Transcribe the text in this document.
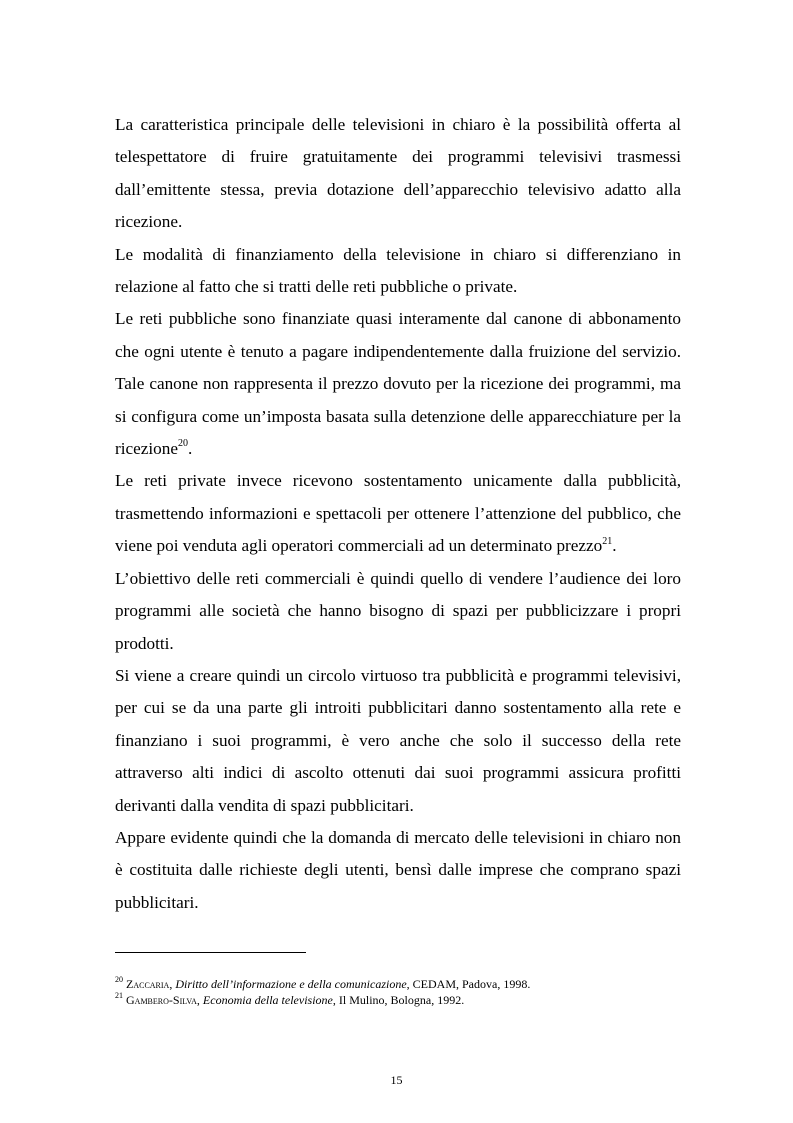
La caratteristica principale delle televisioni in chiaro è la possibilità offerta al telespettatore di fruire gratuitamente dei programmi televisivi trasmessi dall’emittente stessa, previa dotazione dell’apparecchio televisivo adatto alla ricezione.

Le modalità di finanziamento della televisione in chiaro si differenziano in relazione al fatto che si tratti delle reti pubbliche o private.

Le reti pubbliche sono finanziate quasi interamente dal canone di abbonamento che ogni utente è tenuto a pagare indipendentemente dalla fruizione del servizio. Tale canone non rappresenta il prezzo dovuto per la ricezione dei programmi, ma si configura come un’imposta basata sulla detenzione delle apparecchiature per la ricezione$^{20}$.

Le reti private invece ricevono sostentamento unicamente dalla pubblicità, trasmettendo informazioni e spettacoli per ottenere l’attenzione del pubblico, che viene poi venduta agli operatori commerciali ad un determinato prezzo$^{21}$.

L’obiettivo delle reti commerciali è quindi quello di vendere l’audience dei loro programmi alle società che hanno bisogno di spazi per pubblicizzare i propri prodotti.

Si viene a creare quindi un circolo virtuoso tra pubblicità e programmi televisivi, per cui se da una parte gli introiti pubblicitari danno sostentamento alla rete e finanziano i suoi programmi, è vero anche che solo il successo della rete attraverso alti indici di ascolto ottenuti dai suoi programmi assicura profitti derivanti dalla vendita di spazi pubblicitari.

Appare evidente quindi che la domanda di mercato delle televisioni in chiaro non è costituita dalle richieste degli utenti, bensì dalle imprese che comprano spazi pubblicitari.

$^{20}$ Zaccaria, Diritto dell’informazione e della comunicazione, CEDAM, Padova, 1998.

$^{21}$ Gambero-Silva, Economia della televisione, Il Mulino, Bologna, 1992.

15
